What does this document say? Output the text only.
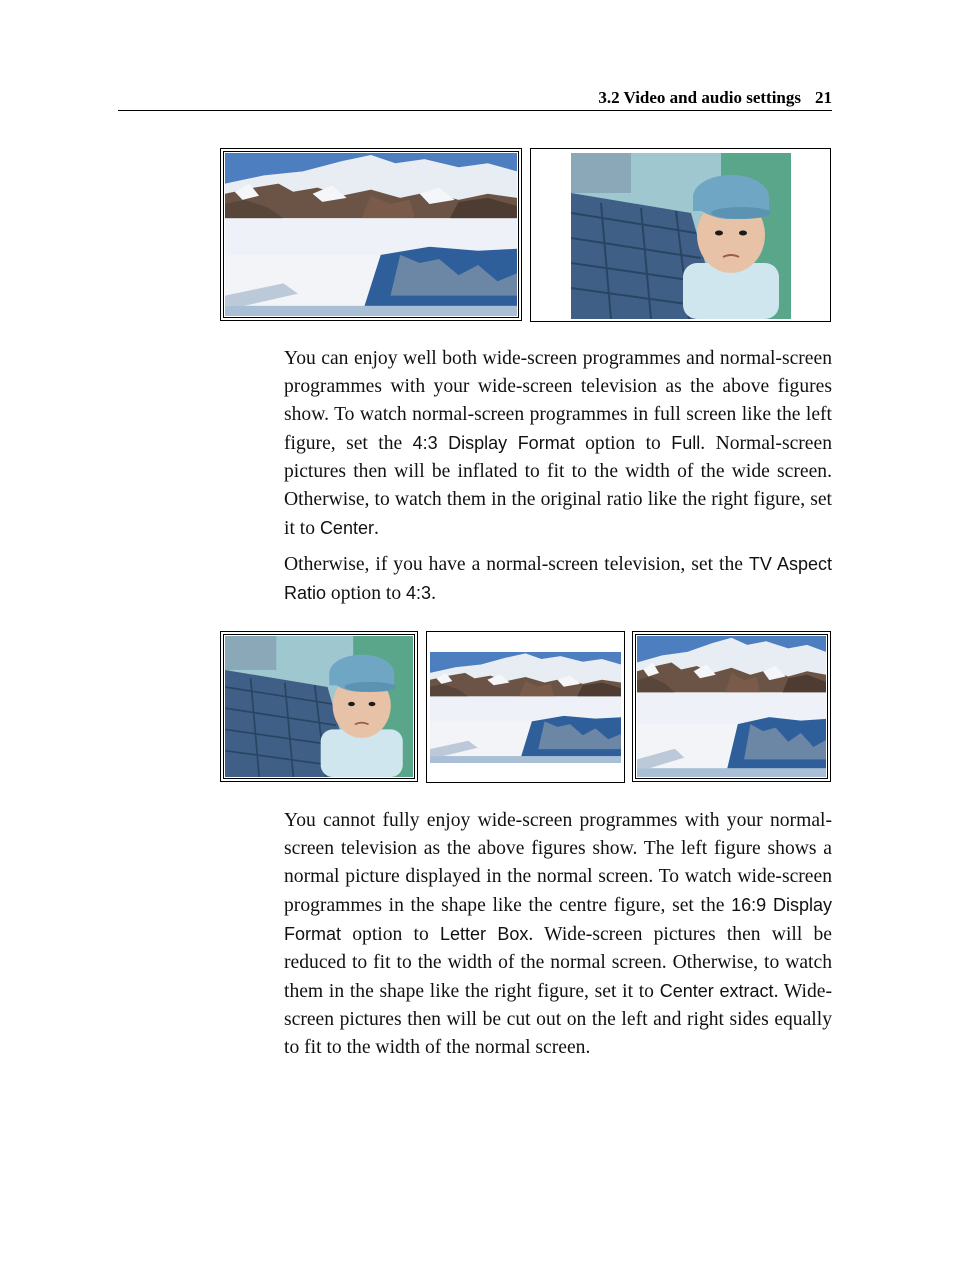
3.2 Video and audio settings 21

You can enjoy well both wide-screen programmes and normal-screen programmes with your wide-screen television as the above figures show. To watch normal-screen programmes in full screen like the left figure, set the 4:3 Display Format option to Full. Normal-screen pictures then will be inflated to fit to the width of the wide screen. Otherwise, to watch them in the original ratio like the right figure, set it to Center.

Otherwise, if you have a normal-screen television, set the TV Aspect Ratio option to 4:3.

You cannot fully enjoy wide-screen programmes with your normal-screen television as the above figures show. The left figure shows a normal picture displayed in the normal screen. To watch wide-screen programmes in the shape like the centre figure, set the 16:9 Display Format option to Letter Box. Wide-screen pictures then will be reduced to fit to the width of the normal screen. Otherwise, to watch them in the shape like the right figure, set it to Center extract. Wide-screen pictures then will be cut out on the left and right sides equally to fit to the width of the normal screen.
